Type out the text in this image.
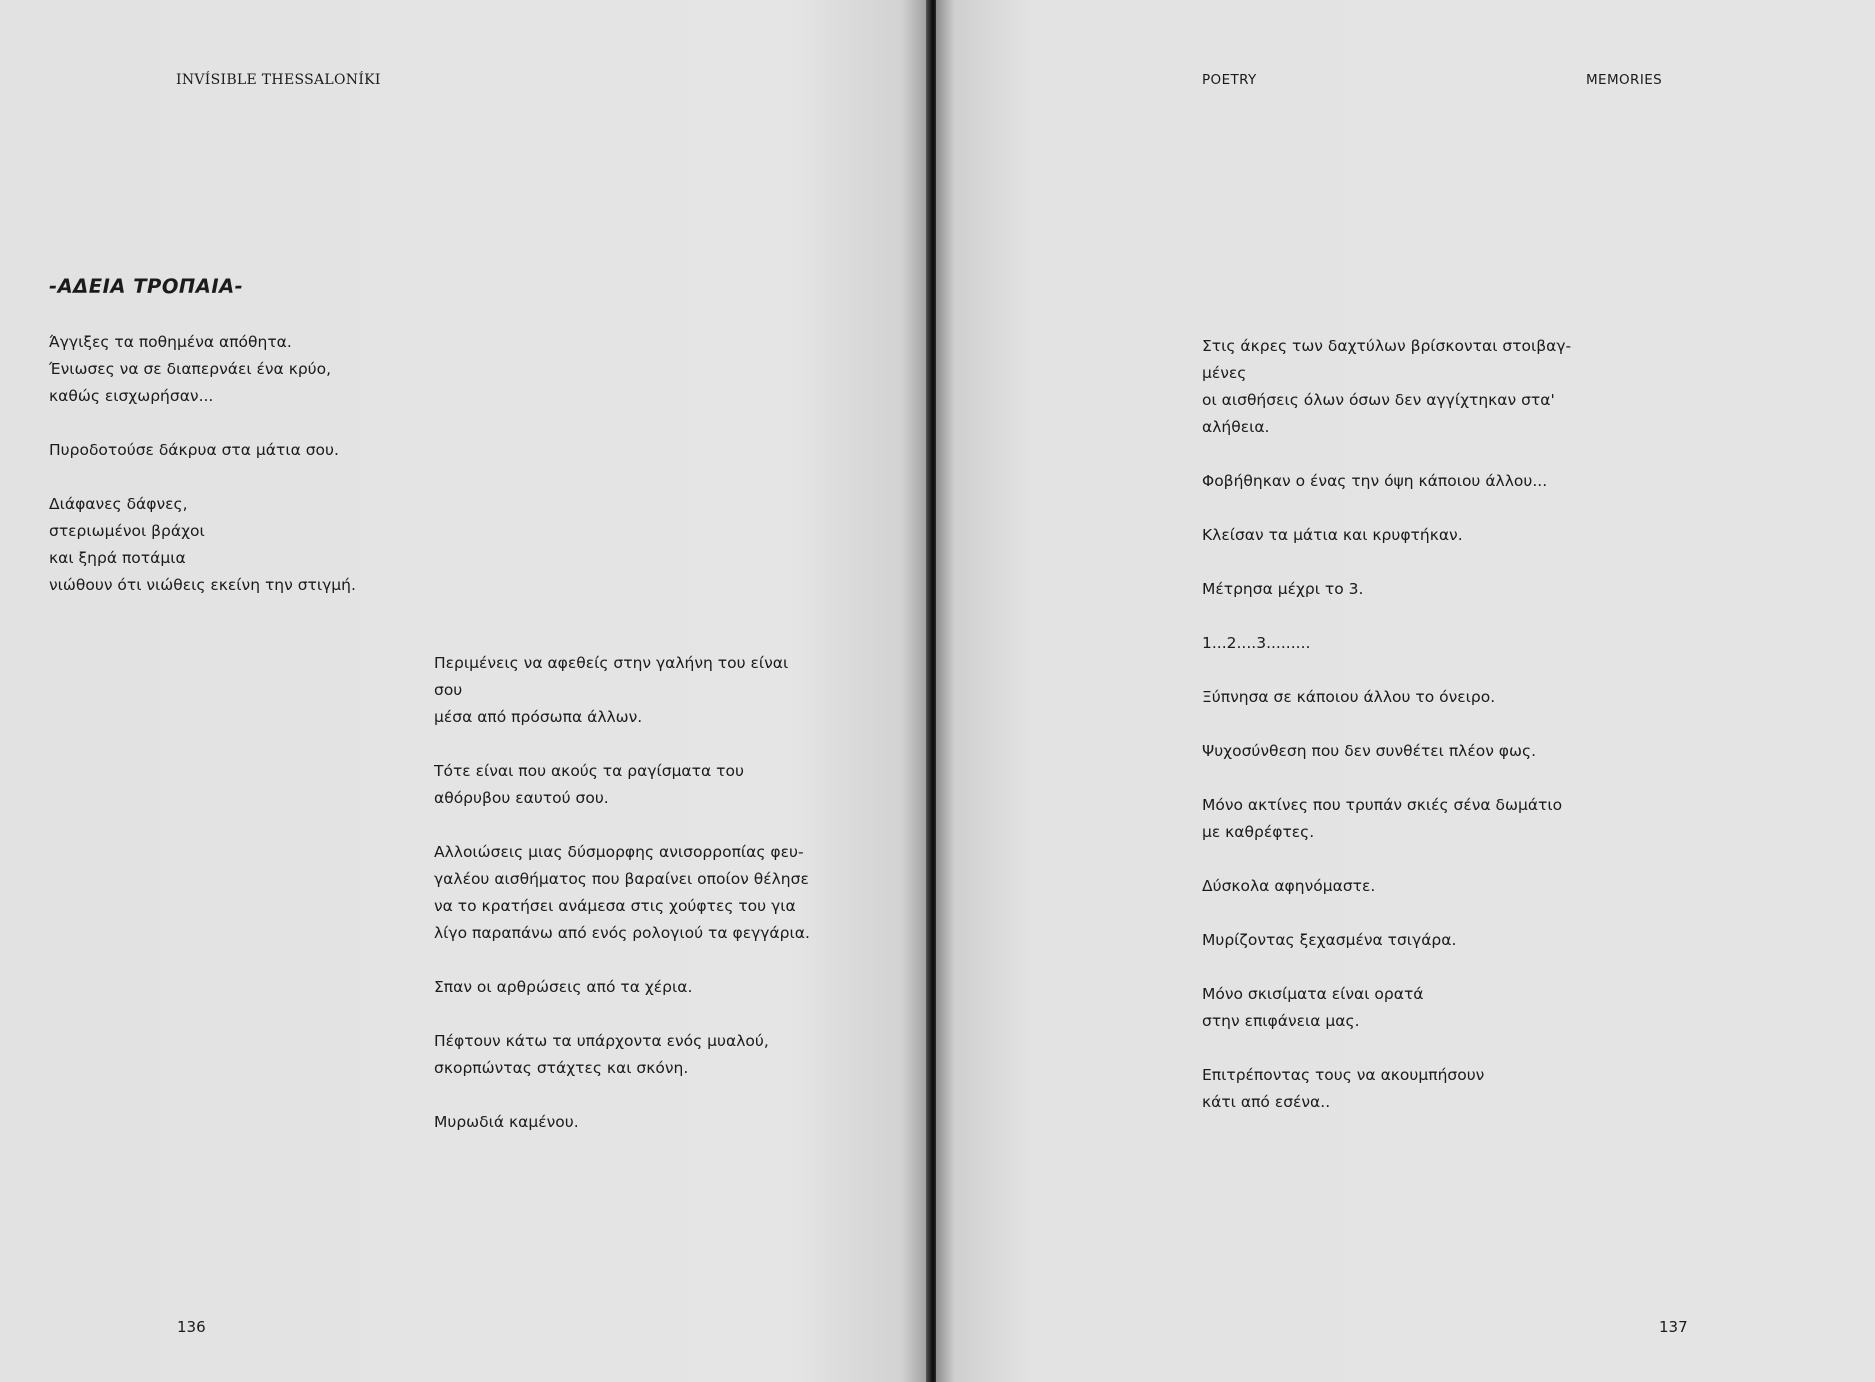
INVÍSIBLE THESSALONÍKI
-ΑΔΕΙΑ ΤΡΟΠΑΙΑ-
Άγγιξες τα ποθημένα απόθητα.
Ένιωσες να σε διαπερνάει ένα κρύο,
καθώς εισχωρήσαν...
Πυροδοτούσε δάκρυα στα μάτια σου.
Διάφανες δάφνες,
στεριωμένοι βράχοι
και ξηρά ποτάμια
νιώθουν ότι νιώθεις εκείνη την στιγμή.
Περιμένεις να αφεθείς στην γαλήνη του είναι
σου
μέσα από πρόσωπα άλλων.
Τότε είναι που ακούς τα ραγίσματα του
αθόρυβου εαυτού σου.
Αλλοιώσεις μιας δύσμορφης ανισορροπίας φευ-
γαλέου αισθήματος που βαραίνει οποίον θέλησε
να το κρατήσει ανάμεσα στις χούφτες του για
λίγο παραπάνω από ενός ρολογιού τα φεγγάρια.
Σπαν οι αρθρώσεις από τα χέρια.
Πέφτουν κάτω τα υπάρχοντα ενός μυαλού,
σκορπώντας στάχτες και σκόνη.
Μυρωδιά καμένου.
136
POETRY	MEMORIES
Στις άκρες των δαχτύλων βρίσκονται στοιβαγ-
μένες
οι αισθήσεις όλων όσων δεν αγγίχτηκαν στα'
αλήθεια.
Φοβήθηκαν ο ένας την όψη κάποιου άλλου...
Κλείσαν τα μάτια και κρυφτήκαν.
Μέτρησα μέχρι το 3.
1...2....3.........
Ξύπνησα σε κάποιου άλλου το όνειρο.
Ψυχοσύνθεση που δεν συνθέτει πλέον φως.
Μόνο ακτίνες που τρυπάν σκιές σένα δωμάτιο
με καθρέφτες.
Δύσκολα αφηνόμαστε.
Μυρίζοντας ξεχασμένα τσιγάρα.
Μόνο σκισίματα είναι ορατά
στην επιφάνεια μας.
Επιτρέποντας τους να ακουμπήσουν
κάτι από εσένα..
137
